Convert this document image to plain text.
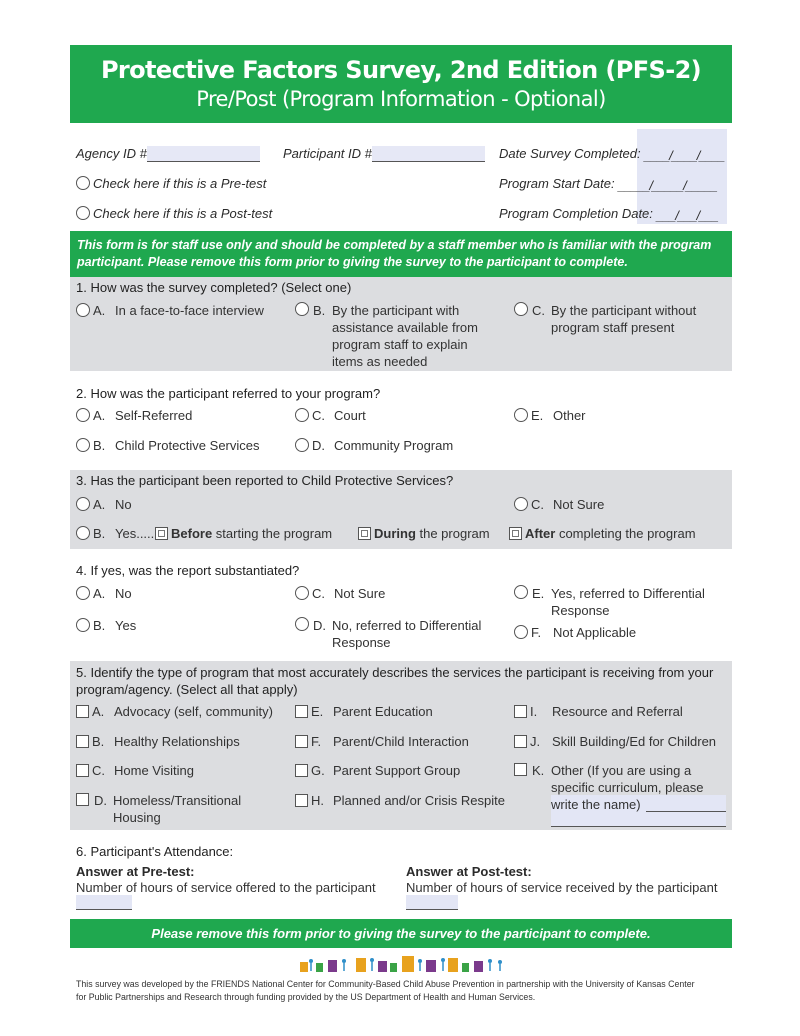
Protective Factors Survey, 2nd Edition (PFS-2)
Pre/Post (Program Information - Optional)
Agency ID #	Participant ID #	Date Survey Completed: ____/____/____
Check here if this is a Pre-test	Program Start Date: _____/_____/_____
Check here if this is a Post-test	Program Completion Date: ___/___/___
This form is for staff use only and should be completed by a staff member who is familiar with the program participant. Please remove this form prior to giving the survey to the participant to complete.
1. How was the survey completed? (Select one)
A. In a face-to-face interview	B. By the participant with assistance available from program staff to explain items as needed
C. By the participant without program staff present
2. How was the participant referred to your program?
A. Self-Referred
B. Child Protective Services
C. Court
D. Community Program
E. Other
3. Has the participant been reported to Child Protective Services?
A. No	C. Not Sure
B. Yes.....	Before starting the program	During the program	After completing the program
4. If yes, was the report substantiated?
A. No
B. Yes
C. Not Sure
D. No, referred to Differential Response
E. Yes, referred to Differential Response
F. Not Applicable
5. Identify the type of program that most accurately describes the services the participant is receiving from your program/agency. (Select all that apply)
A. Advocacy (self, community)
B. Healthy Relationships
C. Home Visiting
D. Homeless/Transitional Housing
E. Parent Education
F. Parent/Child Interaction
G. Parent Support Group
H. Planned and/or Crisis Respite
I. Resource and Referral
J. Skill Building/Ed for Children
K. Other (If you are using a specific curriculum, please write the name)
6. Participant's Attendance:
Answer at Pre-test:
Number of hours of service offered to the participant
Answer at Post-test:
Number of hours of service received by the participant
Please remove this form prior to giving the survey to the participant to complete.
This survey was developed by the FRIENDS National Center for Community-Based Child Abuse Prevention in partnership with the University of Kansas Center for Public Partnerships and Research through funding provided by the US Department of Health and Human Services.
